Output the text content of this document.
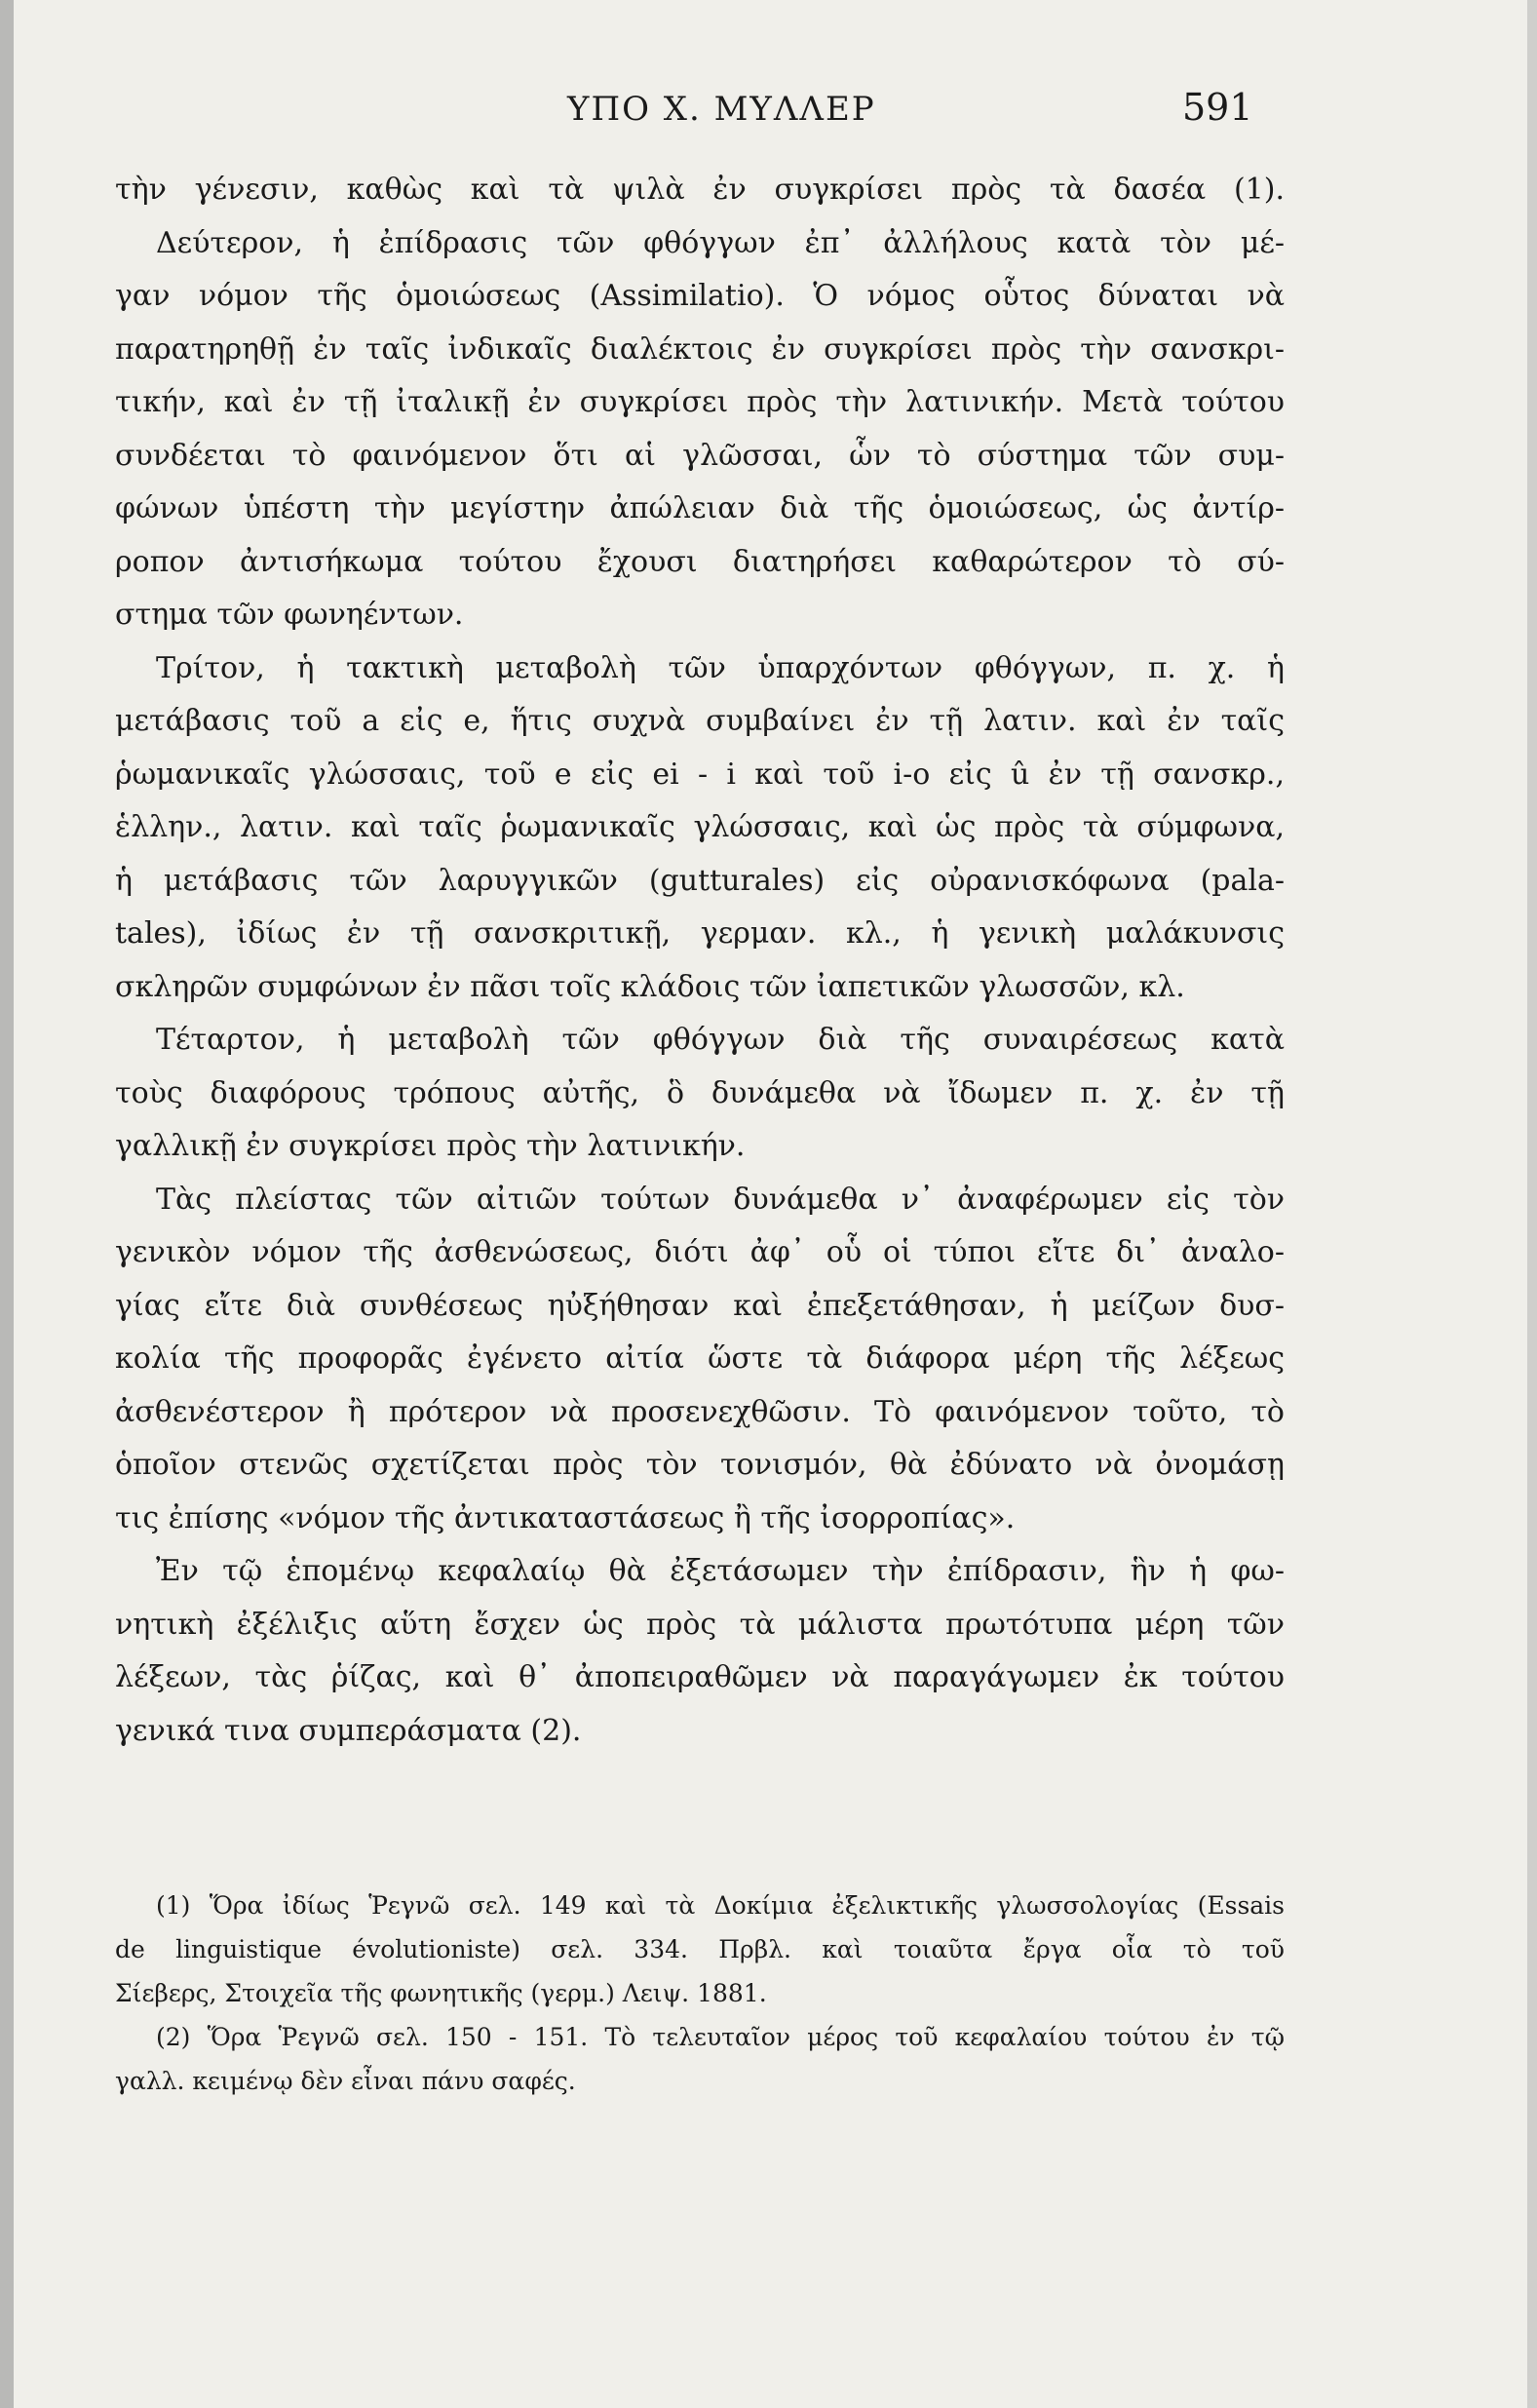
ΥΠΟ Χ. ΜΥΛΛΕΡ	591
τὴν γένεσιν, καθὼς καὶ τὰ ψιλὰ ἐν συγκρίσει πρὸς τὰ δασέα (1).
Δεύτερον, ἡ ἐπίδρασις τῶν φθόγγων ἐπ᾽ ἀλλήλους κατὰ τὸν μέ-
γαν νόμον τῆς ὁμοιώσεως (Assimilatio). Ὁ νόμος οὗτος δύναται νὰ
παρατηρηθῇ ἐν ταῖς ἰνδικαῖς διαλέκτοις ἐν συγκρίσει πρὸς τὴν σανσκρι-
τικήν, καὶ ἐν τῇ ἰταλικῇ ἐν συγκρίσει πρὸς τὴν λατινικήν. Μετὰ τούτου
συνδέεται τὸ φαινόμενον ὅτι αἱ γλῶσσαι, ὧν τὸ σύστημα τῶν συμ-
φώνων ὑπέστη τὴν μεγίστην ἀπώλειαν διὰ τῆς ὁμοιώσεως, ὡς ἀντίρ-
ροπον ἀντισήκωμα τούτου ἔχουσι διατηρήσει καθαρώτερον τὸ σύ-
στημα τῶν φωνηέντων.
Τρίτον, ἡ τακτικὴ μεταβολὴ τῶν ὑπαρχόντων φθόγγων, π. χ. ἡ
μετάβασις τοῦ a εἰς e, ἥτις συχνὰ συμβαίνει ἐν τῇ λατιν. καὶ ἐν ταῖς
ῥωμανικαῖς γλώσσαις, τοῦ e εἰς ei - i καὶ τοῦ i-o εἰς û ἐν τῇ σανσκρ.,
ἑλλην., λατιν. καὶ ταῖς ῥωμανικαῖς γλώσσαις, καὶ ὡς πρὸς τὰ σύμφωνα,
ἡ μετάβασις τῶν λαρυγγικῶν (gutturales) εἰς οὐρανισκόφωνα (pala-
tales), ἰδίως ἐν τῇ σανσκριτικῇ, γερμαν. κλ., ἡ γενικὴ μαλάκυνσις
σκληρῶν συμφώνων ἐν πᾶσι τοῖς κλάδοις τῶν ἰαπετικῶν γλωσσῶν, κλ.
Τέταρτον, ἡ μεταβολὴ τῶν φθόγγων διὰ τῆς συναιρέσεως κατὰ
τοὺς διαφόρους τρόπους αὐτῆς, ὃ δυνάμεθα νὰ ἴδωμεν π. χ. ἐν τῇ
γαλλικῇ ἐν συγκρίσει πρὸς τὴν λατινικήν.
Τὰς πλείστας τῶν αἰτιῶν τούτων δυνάμεθα ν᾽ ἀναφέρωμεν εἰς τὸν
γενικὸν νόμον τῆς ἀσθενώσεως, διότι ἀφ᾽ οὗ οἱ τύποι εἴτε δι᾽ ἀναλο-
γίας εἴτε διὰ συνθέσεως ηὐξήθησαν καὶ ἐπεξετάθησαν, ἡ μείζων δυσ-
κολία τῆς προφορᾶς ἐγένετο αἰτία ὥστε τὰ διάφορα μέρη τῆς λέξεως
ἀσθενέστερον ἢ πρότερον νὰ προσενεχθῶσιν. Τὸ φαινόμενον τοῦτο, τὸ
ὁποῖον στενῶς σχετίζεται πρὸς τὸν τονισμόν, θὰ ἐδύνατο νὰ ὀνομάσῃ
τις ἐπίσης «νόμον τῆς ἀντικαταστάσεως ἢ τῆς ἰσορροπίας».
Ἐν τῷ ἑπομένῳ κεφαλαίῳ θὰ ἐξετάσωμεν τὴν ἐπίδρασιν, ἣν ἡ φω-
νητικὴ ἐξέλιξις αὕτη ἔσχεν ὡς πρὸς τὰ μάλιστα πρωτότυπα μέρη τῶν
λέξεων, τὰς ῥίζας, καὶ θ᾽ ἀποπειραθῶμεν νὰ παραγάγωμεν ἐκ τούτου
γενικά τινα συμπεράσματα (2).
(1) Ὅρα ἰδίως Ῥεγνῶ σελ. 149 καὶ τὰ Δοκίμια ἐξελικτικῆς γλωσσολογίας (Essais
de linguistique évolutioniste) σελ. 334. Πρβλ. καὶ τοιαῦτα ἔργα οἷα τὸ τοῦ
Σίεβερς, Στοιχεῖα τῆς φωνητικῆς (γερμ.) Λειψ. 1881.
(2) Ὅρα Ῥεγνῶ σελ. 150 - 151. Τὸ τελευταῖον μέρος τοῦ κεφαλαίου τούτου ἐν τῷ
γαλλ. κειμένῳ δὲν εἶναι πάνυ σαφές.
